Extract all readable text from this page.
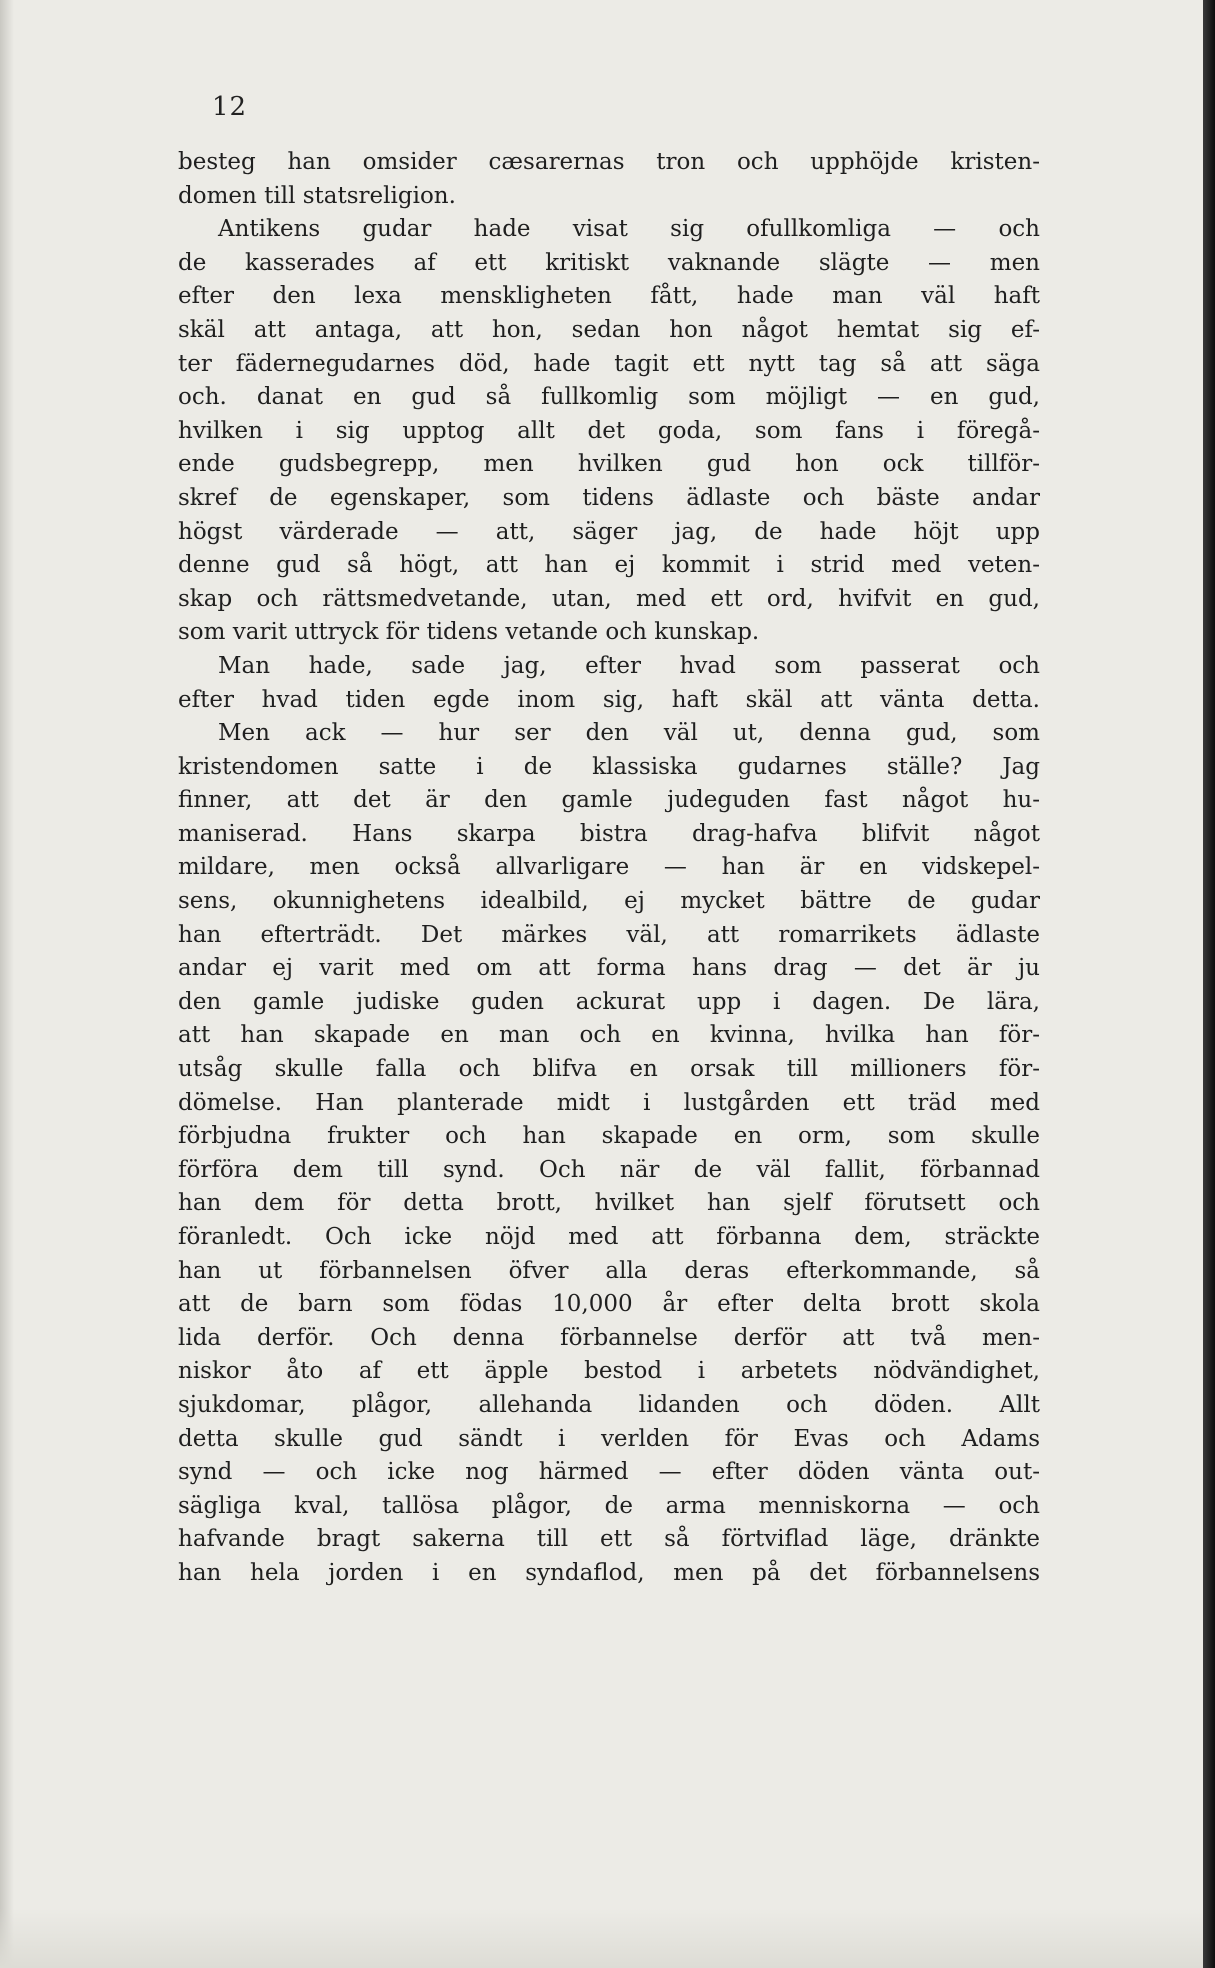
12
besteg han omsider cæsarernas tron och upphöjde kristen-
domen till statsreligion.
Antikens gudar hade visat sig ofullkomliga — och
de kasserades af ett kritiskt vaknande slägte — men
efter den lexa menskligheten fått, hade man väl haft
skäl att antaga, att hon, sedan hon något hemtat sig ef-
ter fädernegudarnes död, hade tagit ett nytt tag så att säga
och. danat en gud så fullkomlig som möjligt — en gud,
hvilken i sig upptog allt det goda, som fans i föregå-
ende gudsbegrepp, men hvilken gud hon ock tillför-
skref de egenskaper, som tidens ädlaste och bäste andar
högst värderade — att, säger jag, de hade höjt upp
denne gud så högt, att han ej kommit i strid med veten-
skap och rättsmedvetande, utan, med ett ord, hvifvit en gud,
som varit uttryck för tidens vetande och kunskap.
Man hade, sade jag, efter hvad som passerat och
efter hvad tiden egde inom sig, haft skäl att vänta detta.
Men ack — hur ser den väl ut, denna gud, som
kristendomen satte i de klassiska gudarnes ställe? Jag
finner, att det är den gamle judeguden fast något hu-
maniserad. Hans skarpa bistra drag-hafva blifvit något
mildare, men också allvarligare — han är en vidskepel-
sens, okunnighetens idealbild, ej mycket bättre de gudar
han efterträdt. Det märkes väl, att romarrikets ädlaste
andar ej varit med om att forma hans drag — det är ju
den gamle judiske guden ackurat upp i dagen. De lära,
att han skapade en man och en kvinna, hvilka han för-
utsåg skulle falla och blifva en orsak till millioners för-
dömelse. Han planterade midt i lustgården ett träd med
förbjudna frukter och han skapade en orm, som skulle
förföra dem till synd. Och när de väl fallit, förbannad
han dem för detta brott, hvilket han sjelf förutsett och
föranledt. Och icke nöjd med att förbanna dem, sträckte
han ut förbannelsen öfver alla deras efterkommande, så
att de barn som födas 10,000 år efter delta brott skola
lida derför. Och denna förbannelse derför att två men-
niskor åto af ett äpple bestod i arbetets nödvändighet,
sjukdomar, plågor, allehanda lidanden och döden. Allt
detta skulle gud sändt i verlden för Evas och Adams
synd — och icke nog härmed — efter döden vänta out-
sägliga kval, tallösa plågor, de arma menniskorna — och
hafvande bragt sakerna till ett så förtviflad läge, dränkte
han hela jorden i en syndaflod, men på det förbannelsens
